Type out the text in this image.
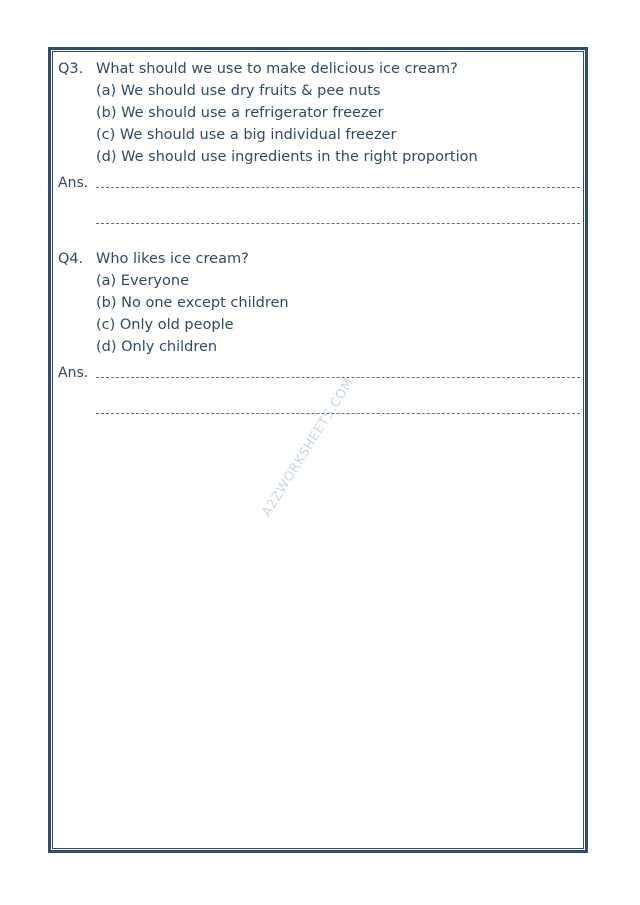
A2ZWORKSHEETS.COM
Q3. What should we use to make delicious ice cream?
(a) We should use dry fruits & pee nuts
(b) We should use a refrigerator freezer
(c) We should use a big individual freezer
(d) We should use ingredients in the right proportion
Ans.
Q4. Who likes ice cream?
(a) Everyone
(b) No one except children
(c) Only old people
(d) Only children
Ans.
